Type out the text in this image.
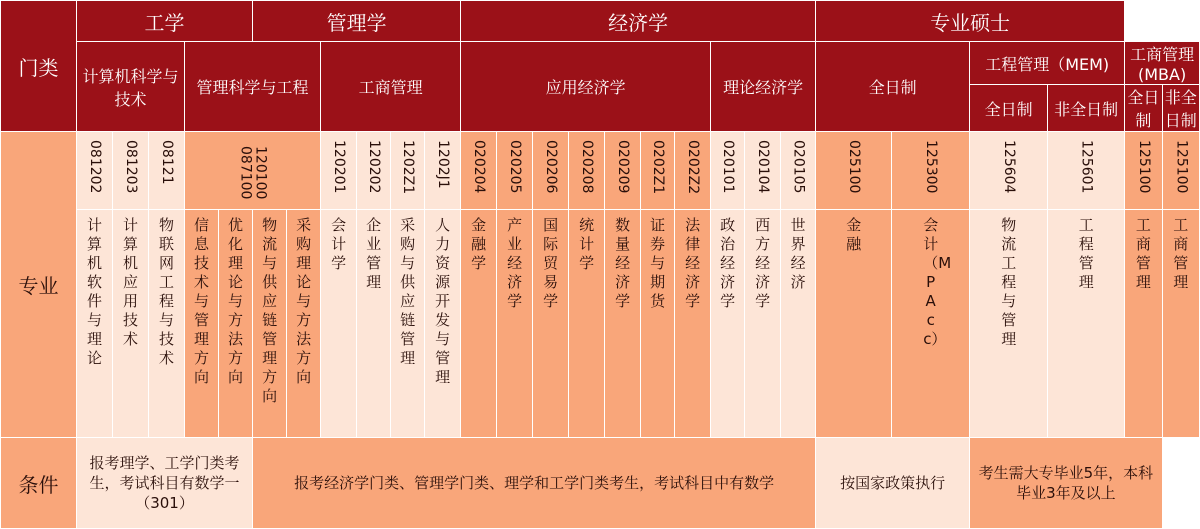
门类	工学					管理学						经济学										专业硕士					
	计算机科学与技术			管理科学与工程				工商管理				应用经济学							理论经济学			全日制		工程管理（MEM)		工商管理(MBA)	
																								全日制	非全日制	全日制	非全日制
专业	081202	081203	08121	120100 087100				120201	120202	1202Z1	1202J1	020204	020205	020206	020208	020209	0202Z1	0202Z2	020101	020104	020105	025100	125300	125604	125601	125100	125100

	计算机软件与理论	计算机应用技术	物联网工程与技术	信息技术与管理方向	优化理论与方法方向	物流与供应链管理方向	采购理论与方法方向	会计学	企业管理	采购与供应链管理	人力资源开发与管理	金融学	产业经济学	国际贸易学	统计学	数量经济学	证券与期货	法律经济学	政治经济学	西方经济学	世界经济	金融	会计（MPAcc）	物流工程与管理	工程管理	工商管理	工商管理

条件	报考理学、工学门类考生，考试科目有数学一（301）					报考经济学门类、管理学门类、理学和工学门类考生，考试科目中有数学																按国家政策执行		考生需大专毕业5年，本科毕业3年及以上			
